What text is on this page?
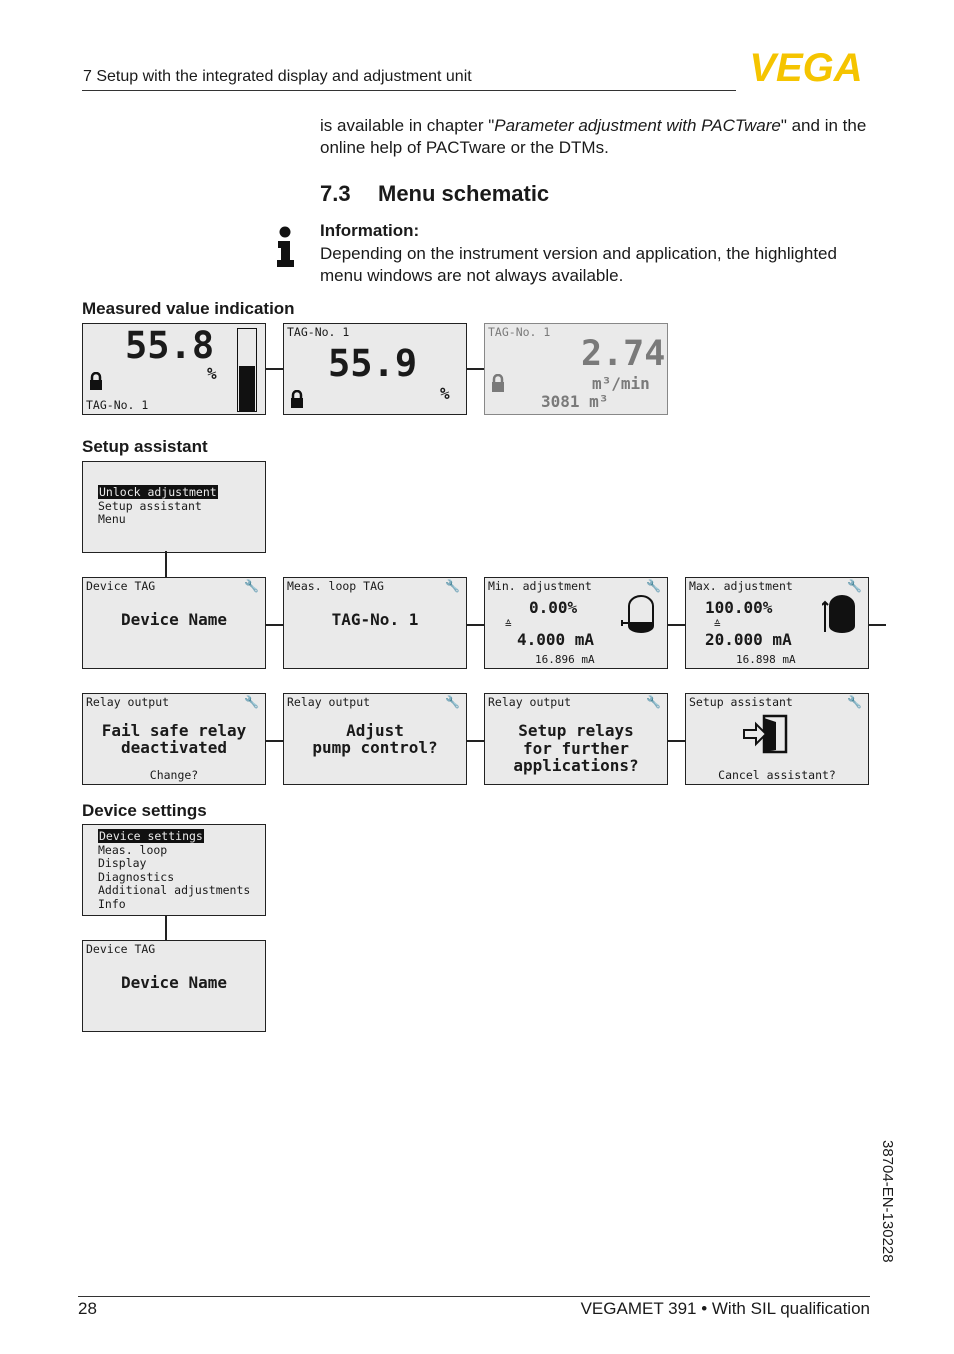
7 Setup with the integrated display and adjustment unit	VEGA
is available in chapter "Parameter adjustment with PACTware" and in the online help of PACTware or the DTMs.
7.3 Menu schematic
Information:
Depending on the instrument version and application, the highlighted menu windows are not always available.
Measured value indication
55.8
%
TAG-No. 1
TAG-No. 1
55.9
%
TAG-No. 1
2.74
m³/min
3081 m³
Setup assistant
Unlock adjustment
Setup assistant
Menu
Device TAG	🔧
Device Name
Meas. loop TAG	🔧
TAG-No. 1
Min. adjustment	🔧
0.00%
≙
4.000 mA
16.896 mA
Max. adjustment	🔧
100.00%
≙
20.000 mA
16.898 mA
Relay output	🔧
Fail safe relay
deactivated
Change?
Relay output	🔧
Adjust
pump control?
Relay output	🔧
Setup relays
for further
applications?
Setup assistant	🔧
Cancel assistant?
Device settings
Device settings
Meas. loop
Display
Diagnostics
Additional adjustments
Info
Device TAG
Device Name
38704-EN-130228
28	VEGAMET 391 • With SIL qualification
